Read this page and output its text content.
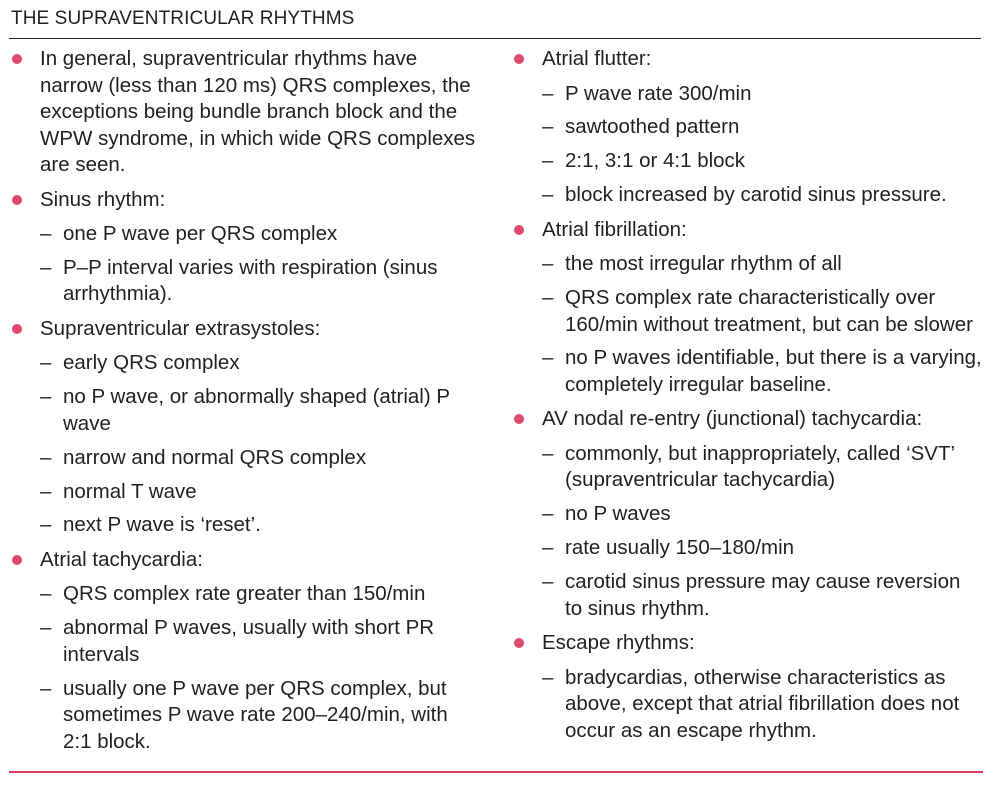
THE SUPRAVENTRICULAR RHYTHMS
In general, supraventricular rhythms have narrow (less than 120 ms) QRS complexes, the exceptions being bundle branch block and the WPW syndrome, in which wide QRS complexes are seen.
Sinus rhythm:
– one P wave per QRS complex
– P–P interval varies with respiration (sinus arrhythmia).
Supraventricular extrasystoles:
– early QRS complex
– no P wave, or abnormally shaped (atrial) P wave
– narrow and normal QRS complex
– normal T wave
– next P wave is ‘reset’.
Atrial tachycardia:
– QRS complex rate greater than 150/min
– abnormal P waves, usually with short PR intervals
– usually one P wave per QRS complex, but sometimes P wave rate 200–240/min, with 2:1 block.
Atrial flutter:
– P wave rate 300/min
– sawtoothed pattern
– 2:1, 3:1 or 4:1 block
– block increased by carotid sinus pressure.
Atrial fibrillation:
– the most irregular rhythm of all
– QRS complex rate characteristically over 160/min without treatment, but can be slower
– no P waves identifiable, but there is a varying, completely irregular baseline.
AV nodal re-entry (junctional) tachycardia:
– commonly, but inappropriately, called ‘SVT’ (supraventricular tachycardia)
– no P waves
– rate usually 150–180/min
– carotid sinus pressure may cause reversion to sinus rhythm.
Escape rhythms:
– bradycardias, otherwise characteristics as above, except that atrial fibrillation does not occur as an escape rhythm.
